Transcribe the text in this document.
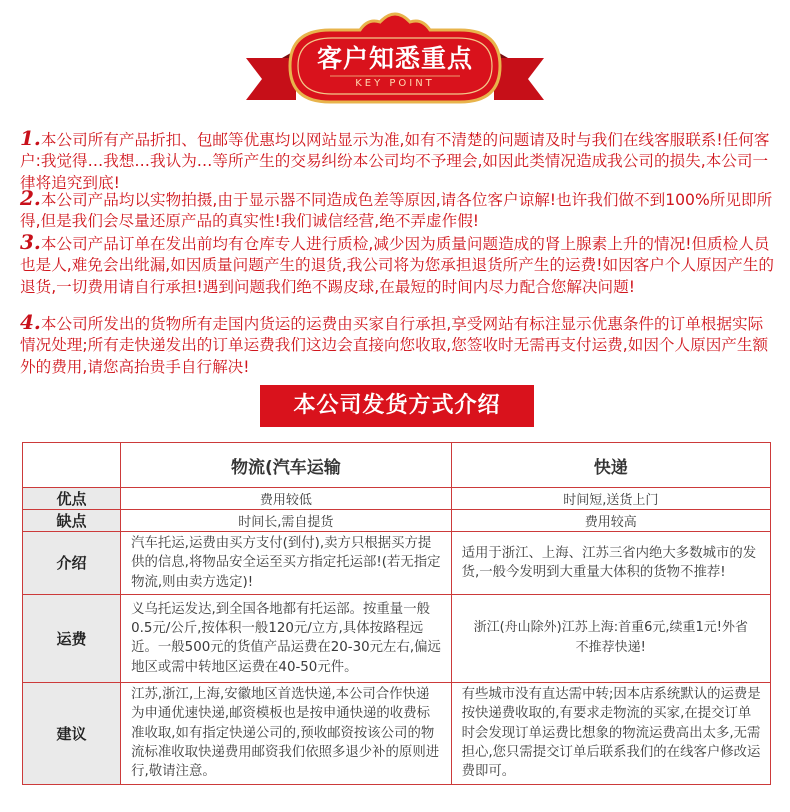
客户知悉重点
KEY POINT

1.本公司所有产品折扣、包邮等优惠均以网站显示为准,如有不清楚的问题请及时与我们在线客服联系!任何客户:我觉得…我想…我认为…等所产生的交易纠纷本公司均不予理会,如因此类情况造成我公司的损失,本公司一律将追究到底!

2.本公司产品均以实物拍摄,由于显示器不同造成色差等原因,请各位客户谅解!也许我们做不到100%所见即所得,但是我们会尽量还原产品的真实性!我们诚信经营,绝不弄虚作假!

3.本公司产品订单在发出前均有仓库专人进行质检,减少因为质量问题造成的肾上腺素上升的情况!但质检人员也是人,难免会出纰漏,如因质量问题产生的退货,我公司将为您承担退货所产生的运费!如因客户个人原因产生的退货,一切费用请自行承担!遇到问题我们绝不踢皮球,在最短的时间内尽力配合您解决问题!

4.本公司所发出的货物所有走国内货运的运费由买家自行承担,享受网站有标注显示优惠条件的订单根据实际情况处理;所有走快递发出的订单运费我们这边会直接向您收取,您签收时无需再支付运费,如因个人原因产生额外的费用,请您高抬贵手自行解决!

本公司发货方式介绍
	物流(汽车运输	快递
优点	费用较低	时间短,送货上门
缺点	时间长,需自提货	费用较高
介绍	汽车托运,运费由买方支付(到付),卖方只根据买方提供的信息,将物品安全运至买方指定托运部!(若无指定物流,则由卖方选定)!	适用于浙江、上海、江苏三省内绝大多数城市的发货,一般今发明到大重量大体积的货物不推荐!
运费	义乌托运发达,到全国各地都有托运部。按重量一般0.5元/公斤,按体积一般120元/立方,具体按路程远近。一般500元的货值产品运费在20-30元左右,偏远地区或需中转地区运费在40-50元件。	浙江(舟山除外)江苏上海:首重6元,续重1元!外省不推荐快递!
建议	江苏,浙江,上海,安徽地区首选快递,本公司合作快递为申通优速快递,邮资模板也是按申通快递的收费标准收取,如有指定快递公司的,预收邮资按该公司的物流标准收取快递费用邮资我们依照多退少补的原则进行,敬请注意。	有些城市没有直达需中转;因本店系统默认的运费是按快递费收取的,有要求走物流的买家,在提交订单时会发现订单运费比想象的物流运费高出太多,无需担心,您只需提交订单后联系我们的在线客户修改运费即可。
